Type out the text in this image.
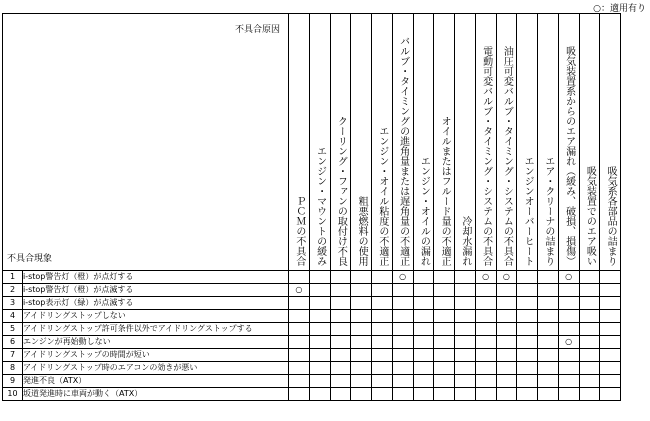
○：適用有り
不具合原因
不具合現象		ＰＣＭの不具合	エンジン・マウントの緩み	クーリング・ファンの取付け不良	粗悪燃料の使用	エンジン・オイル粘度の不適正	バルブ・タイミングの進角量または遅角量の不適正	エンジン・オイルの漏れ	オイルまたはフルード量の不適正	冷却水漏れ	電動可変バルブ・タイミング・システムの不具合	油圧可変バルブ・タイミング・システムの不具合	エンジンオーバーヒート	エア・クリーナの詰まり	吸気装置系からのエア漏れ（緩み、破損、損傷）	吸気装置でのエア吸い	吸気系各部品の詰まり
1	i-stop警告灯（橙）が点灯する						○				○	○			○		
2	i-stop警告灯（橙）が点滅する	○															
3	i-stop表示灯（緑）が点滅する																
4	アイドリングストップしない																
5	アイドリングストップ許可条件以外でアイドリングストップする																
6	エンジンが再始動しない														○		
7	アイドリングストップの時間が短い																
8	アイドリングストップ時のエアコンの効きが悪い																
9	発進不良（ATX）																
10	坂道発進時に車両が動く（ATX）																
